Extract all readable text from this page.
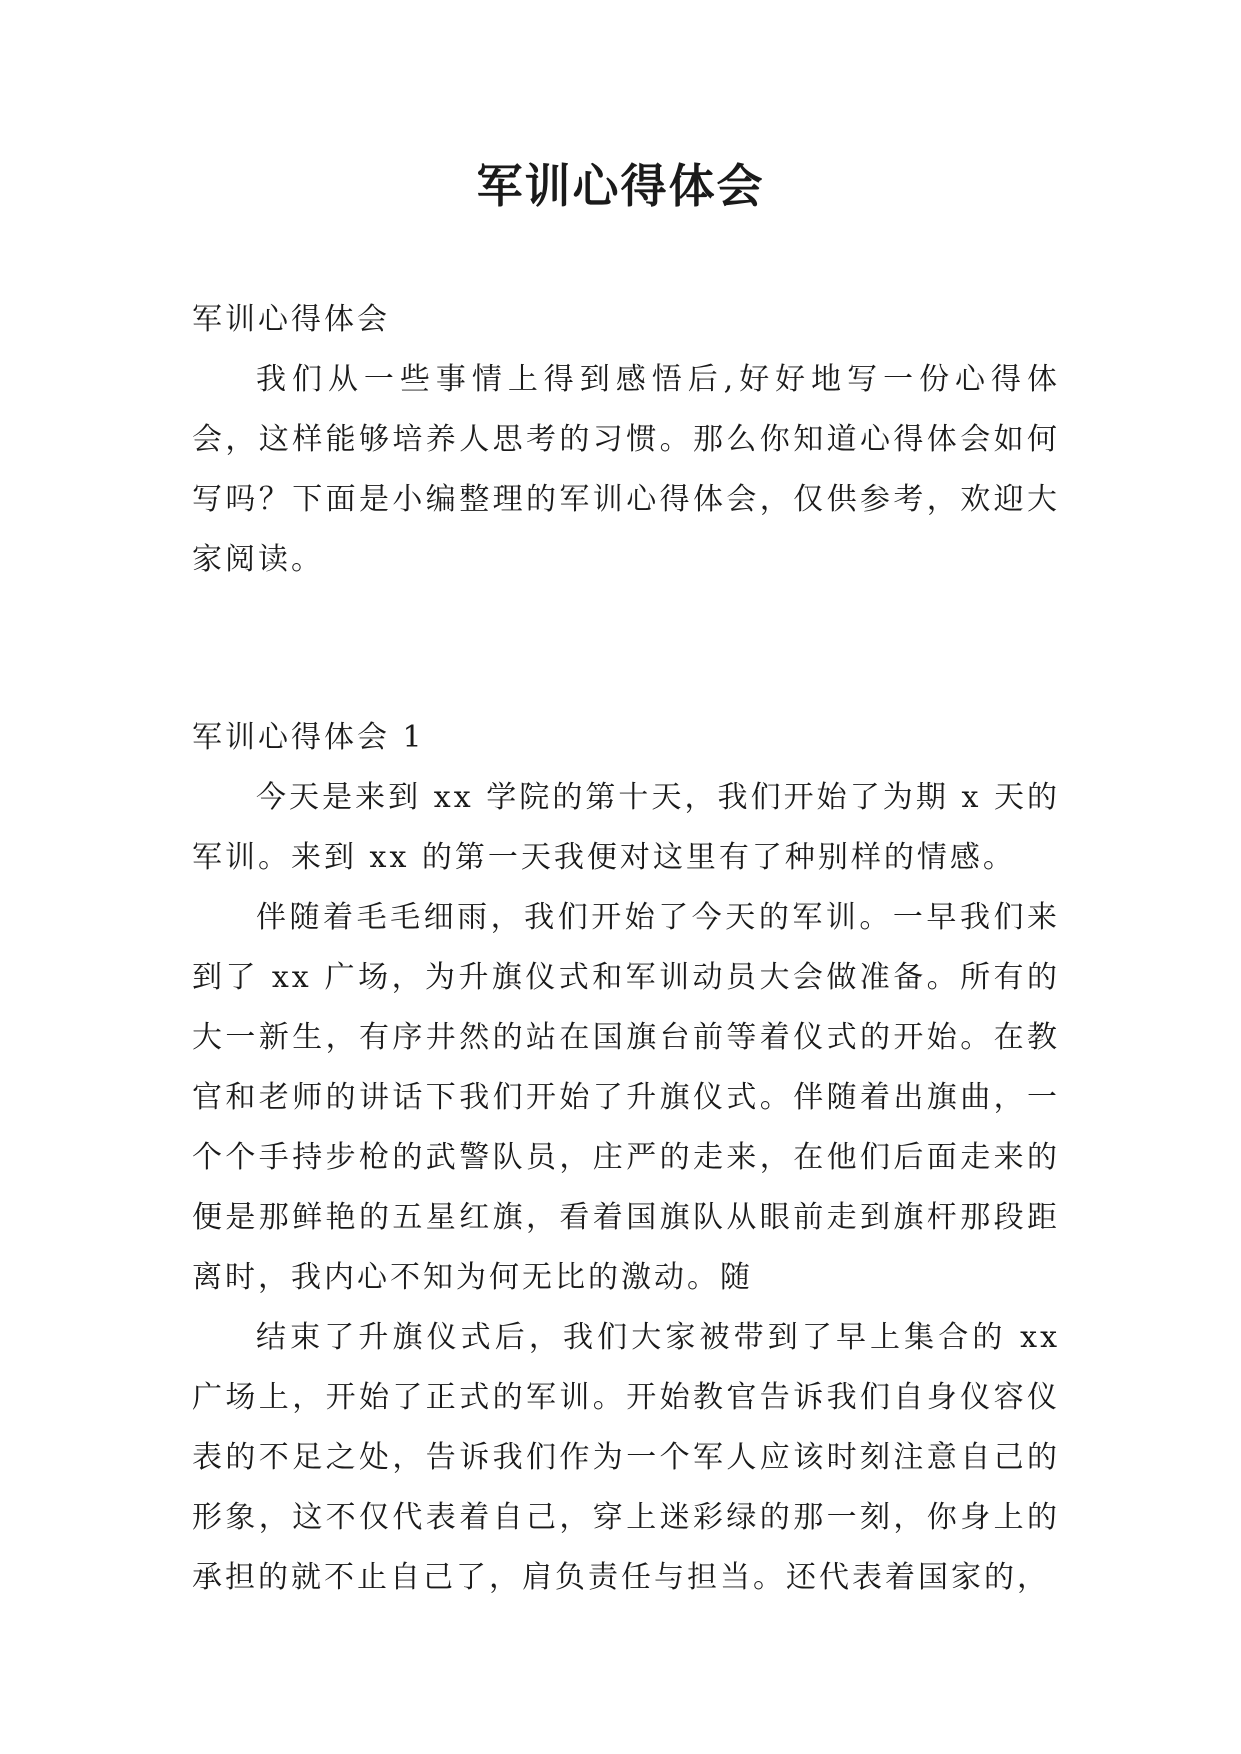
军训心得体会

军训心得体会

我们从一些事情上得到感悟后,好好地写一份心得体会，这样能够培养人思考的习惯。那么你知道心得体会如何写吗？下面是小编整理的军训心得体会，仅供参考，欢迎大家阅读。

军训心得体会 1

今天是来到 xx 学院的第十天，我们开始了为期 x 天的军训。来到 xx 的第一天我便对这里有了种别样的情感。

伴随着毛毛细雨，我们开始了今天的军训。一早我们来到了 xx 广场，为升旗仪式和军训动员大会做准备。所有的大一新生，有序井然的站在国旗台前等着仪式的开始。在教官和老师的讲话下我们开始了升旗仪式。伴随着出旗曲，一个个手持步枪的武警队员，庄严的走来，在他们后面走来的便是那鲜艳的五星红旗，看着国旗队从眼前走到旗杆那段距离时，我内心不知为何无比的激动。随

结束了升旗仪式后，我们大家被带到了早上集合的 xx 广场上，开始了正式的军训。开始教官告诉我们自身仪容仪表的不足之处，告诉我们作为一个军人应该时刻注意自己的形象，这不仅代表着自己，穿上迷彩绿的那一刻，你身上的承担的就不止自己了，肩负责任与担当。还代表着国家的，
